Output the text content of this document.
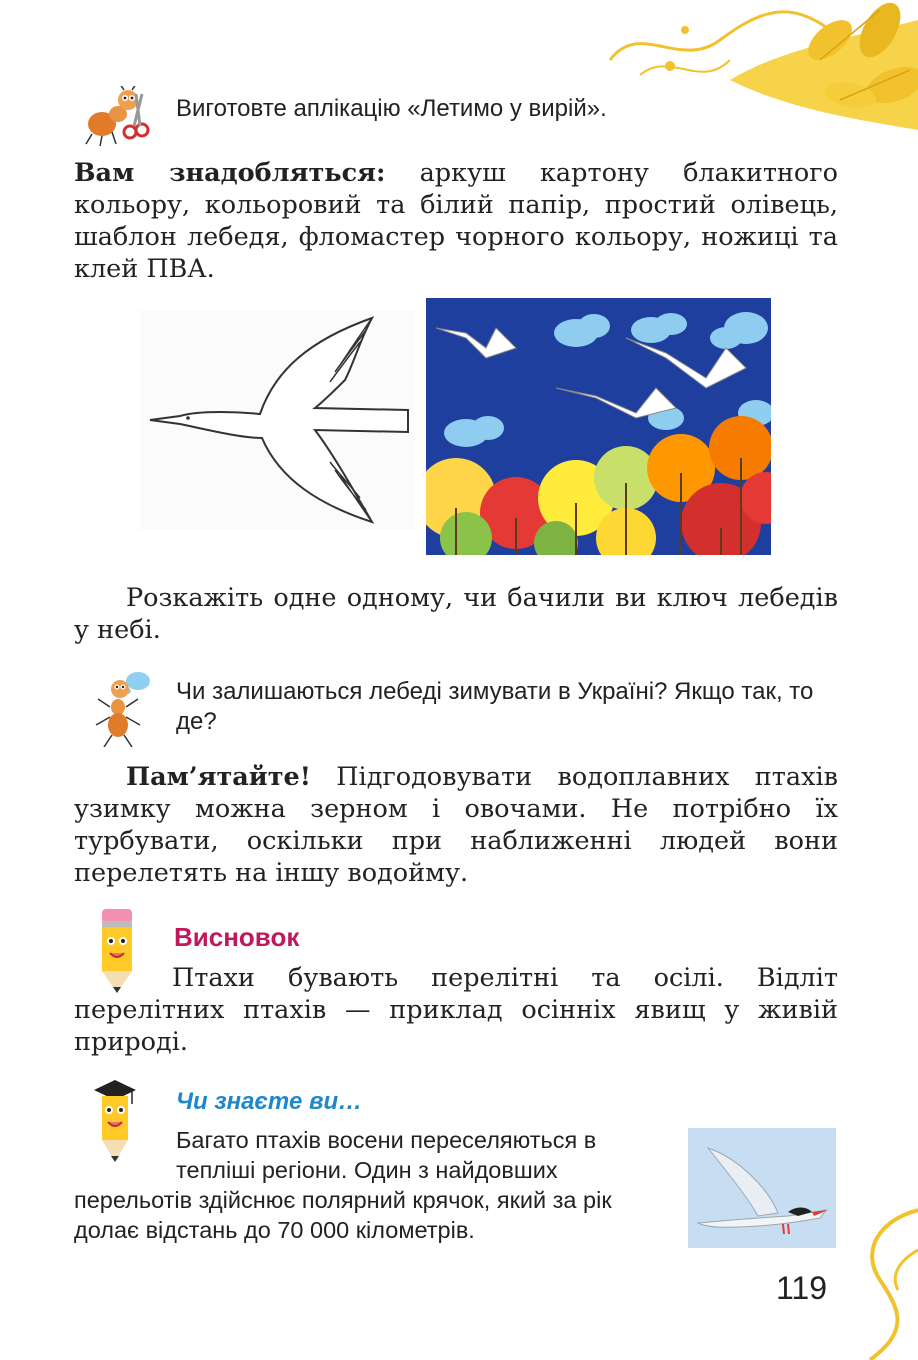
Виготовте аплікацію «Летимо у вирій».
Вам знадобляться: аркуш картону блакитного кольору, кольоровий та білий папір, простий олівець, шаблон лебедя, фломастер чорного кольору, ножиці та клей ПВА.
Розкажіть одне одному, чи бачили ви ключ лебедів у небі.
Чи залишаються лебеді зимувати в Україні? Якщо так, то де?
Пам’ятайте! Підгодовувати водоплавних птахів узимку можна зерном і овочами. Не потрібно їх турбувати, оскільки при наближенні людей вони перелетять на іншу водойму.
Висновок
Птахи бувають перелітні та осілі. Відліт перелітних птахів — приклад осінніх явищ у живій природі.
Чи знаєте ви…
Багато птахів восени переселяються в тепліші регіони. Один з найдовших перельотів здійснює полярний крячок, який за рік долає відстань до 70 000 кілометрів.
119
